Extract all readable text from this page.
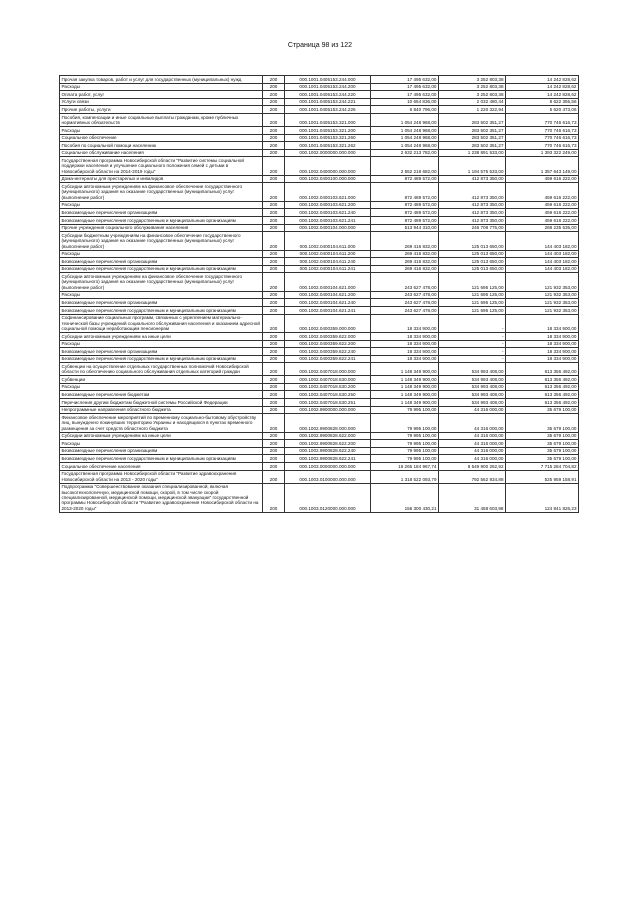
Страница 98 из 122
Прочая закупка товаров, работ и услуг для государственных (муниципальных) нужд	200	000.1001.0405153.244.000	17 495 632,00	3 252 803,38	14 242 828,62
Расходы	200	000.1001.0405153.244.200	17 495 632,00	3 252 803,38	14 242 828,62
Оплата работ, услуг	200	000.1001.0405153.244.220	17 495 632,00	3 252 803,38	14 242 828,62
Услуги связи	200	000.1001.0405153.244.221	10 654 836,00	2 032 480,44	8 622 355,56
Прочие работы, услуги	200	000.1001.0405153.244.226	6 840 796,00	1 220 322,94	5 620 473,06
Пособия, компенсации и иные социальные выплаты гражданам, кроме публичных нормативных обязательств	200	000.1001.0405153.321.000	1 054 248 968,00	283 502 351,27	770 746 616,73
Расходы	200	000.1001.0405153.321.200	1 054 248 968,00	283 502 351,27	770 746 616,73
Социальное обеспечение	200	000.1001.0405153.321.260	1 054 248 968,00	283 502 351,27	770 746 616,73
Пособия по социальной помощи населению	200	000.1001.0405153.321.262	1 054 248 968,00	283 502 351,27	770 746 616,73
Социальное обслуживание населения	200	000.1002.0000000.000.000	2 632 213 782,00	1 238 891 533,00	1 393 322 249,00
Государственная программа Новосибирской области "Развитие системы социальной поддержки населения и улучшение социального положения семей с детьми в Новосибирской области на 2014-2019 годы"	200	000.1002.0400000.000.000	2 552 218 682,00	1 194 575 533,00	1 357 643 149,00
Дома-интернаты для престарелых и инвалидов	200	000.1002.0400100.000.000	872 489 572,00	412 873 350,00	459 616 222,00
Субсидии автономным учреждениям на финансовое обеспечение государственного (муниципального) задания на оказание государственных (муниципальных) услуг (выполнение работ)	200	000.1002.0400103.621.000	872 489 572,00	412 873 350,00	459 616 222,00
Расходы	200	000.1002.0400103.621.200	872 489 572,00	412 873 350,00	459 616 222,00
Безвозмездные перечисления организациям	200	000.1002.0400103.621.240	872 489 572,00	412 873 350,00	459 616 222,00
Безвозмездные перечисления государственным и муниципальным организациям	200	000.1002.0400103.621.241	872 489 572,00	412 873 350,00	459 616 222,00
Прочие учреждения социального обслуживания населения	200	000.1002.0400104.000.000	513 944 310,00	246 708 775,00	268 235 535,00
Субсидии бюджетным учреждениям на финансовое обеспечение государственного (муниципального) задания на оказание государственных (муниципальных) услуг (выполнение работ)	200	000.1002.0400104.611.000	269 416 832,00	125 013 650,00	144 403 182,00
Расходы	200	000.1002.0400104.611.200	269 416 832,00	125 013 650,00	144 403 182,00
Безвозмездные перечисления организациям	200	000.1002.0400104.611.240	269 416 832,00	125 013 650,00	144 403 182,00
Безвозмездные перечисления государственным и муниципальным организациям	200	000.1002.0400104.611.241	269 416 832,00	125 013 650,00	144 403 182,00
Субсидии автономным учреждениям на финансовое обеспечение государственного (муниципального) задания на оказание государственных (муниципальных) услуг (выполнение работ)	200	000.1002.0400104.621.000	243 627 478,00	121 695 125,00	121 932 353,00
Расходы	200	000.1002.0400104.621.200	243 627 478,00	121 695 125,00	121 932 353,00
Безвозмездные перечисления организациям	200	000.1002.0400104.621.240	243 627 478,00	121 695 125,00	121 932 353,00
Безвозмездные перечисления государственным и муниципальным организациям	200	000.1002.0400104.621.241	243 627 478,00	121 695 125,00	121 932 353,00
Софинансирование социальных программ, связанных с укреплением материально-технической базы учреждений социального обслуживания населения и оказанием адресной социальной помощи неработающим пенсионерам	200	000.1002.0400359.000.000	18 334 900,00	-	18 334 900,00
Субсидии автономным учреждениям на иные цели	200	000.1002.0400359.622.000	18 334 900,00	-	18 334 900,00
Расходы	200	000.1002.0400359.622.200	18 334 900,00	-	18 334 900,00
Безвозмездные перечисления организациям	200	000.1002.0400359.622.240	18 334 900,00	-	18 334 900,00
Безвозмездные перечисления государственным и муниципальным организациям	200	000.1002.0400359.622.241	18 334 900,00	-	18 334 900,00
Субвенции на осуществление отдельных государственных полномочий Новосибирской области по обеспечению социального обслуживания отдельных категорий граждан	200	000.1002.0407018.000.000	1 148 349 900,00	534 993 408,00	613 356 492,00
Субвенции	200	000.1002.0407018.530.000	1 148 349 900,00	534 993 408,00	613 356 492,00
Расходы	200	000.1002.0407018.530.200	1 148 349 900,00	534 993 408,00	613 356 492,00
Безвозмездные перечисления бюджетам	200	000.1002.0407018.530.250	1 148 349 900,00	534 993 408,00	613 356 492,00
Перечисления другим бюджетам бюджетной системы Российской Федерации	200	000.1002.0407018.530.251	1 148 349 900,00	534 993 408,00	613 356 492,00
Непрограммные направления областного бюджета	200	000.1002.9900000.000.000	79 995 100,00	44 316 000,00	35 679 100,00
Финансовое обеспечение мероприятий по временному социально-бытовому обустройству лиц, вынужденно покинувших территорию Украины и находящихся в пунктах временного размещения за счет средств областного бюджета	200	000.1002.9900828.000.000	79 995 100,00	44 316 000,00	35 679 100,00
Субсидии автономным учреждениям на иные цели	200	000.1002.9900828.622.000	79 995 100,00	44 316 000,00	35 679 100,00
Расходы	200	000.1002.9900828.622.200	79 995 100,00	44 316 000,00	35 679 100,00
Безвозмездные перечисления организациям	200	000.1002.9900828.622.240	79 995 100,00	44 316 000,00	35 679 100,00
Безвозмездные перечисления государственным и муниципальным организациям	200	000.1002.9900828.622.241	79 995 100,00	44 316 000,00	35 679 100,00
Социальное обеспечение населения	200	000.1003.0000000.000.000	16 265 184 967,74	8 549 900 262,92	7 715 284 704,82
Государственная программа Новосибирской области "Развитие здравоохранения Новосибирской области на 2013 - 2020 годы"	200	000.1003.0100000.000.000	1 318 522 093,79	792 562 934,88	525 959 158,91
Подпрограмма "Совершенствование оказания специализированной, включая высокотехнологичную, медицинской помощи, скорой, в том числе скорой специализированной, медицинской помощи, медицинской эвакуации" государственной программы Новосибирской области "Развитие здравоохранения Новосибирской области на 2013-2020 годы"	200	000.1003.0120000.000.000	156 300 430,21	31 458 603,98	124 841 826,23
